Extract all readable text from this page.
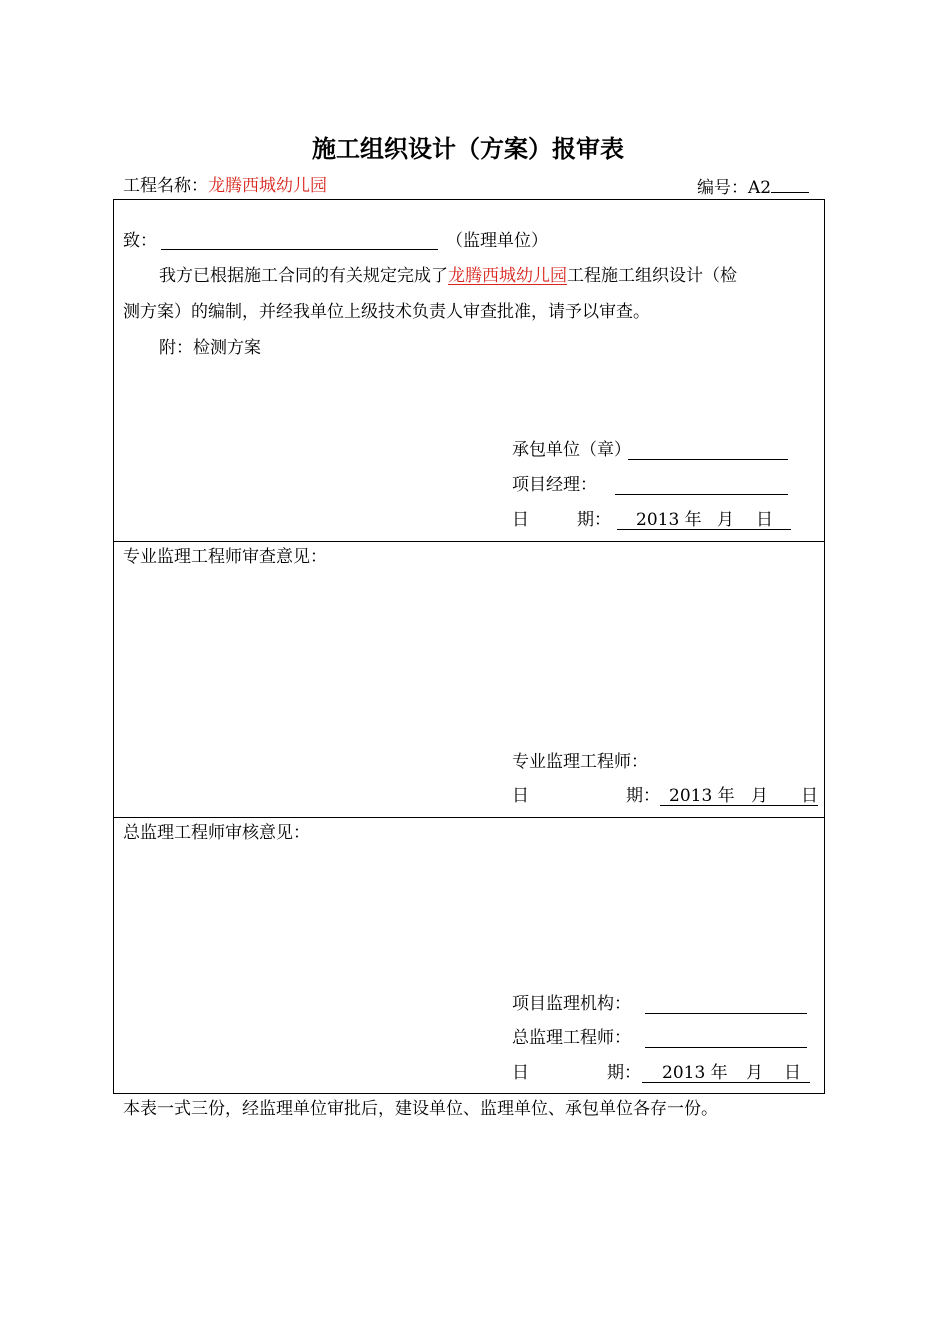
施工组织设计（方案）报审表
工程名称：龙腾西城幼儿园	编号：A2
致：	（监理单位）
我方已根据施工合同的有关规定完成了龙腾西城幼儿园工程施工组织设计（检
测方案）的编制，并经我单位上级技术负责人审查批准，请予以审查。
附：检测方案
承包单位（章）
项目经理：
日	期： 2013 年 月 日
专业监理工程师审查意见：
专业监理工程师：
日	期： 2013 年 月 日
总监理工程师审核意见：
项目监理机构：
总监理工程师：
日	期： 2013 年 月 日
本表一式三份，经监理单位审批后，建设单位、监理单位、承包单位各存一份。
